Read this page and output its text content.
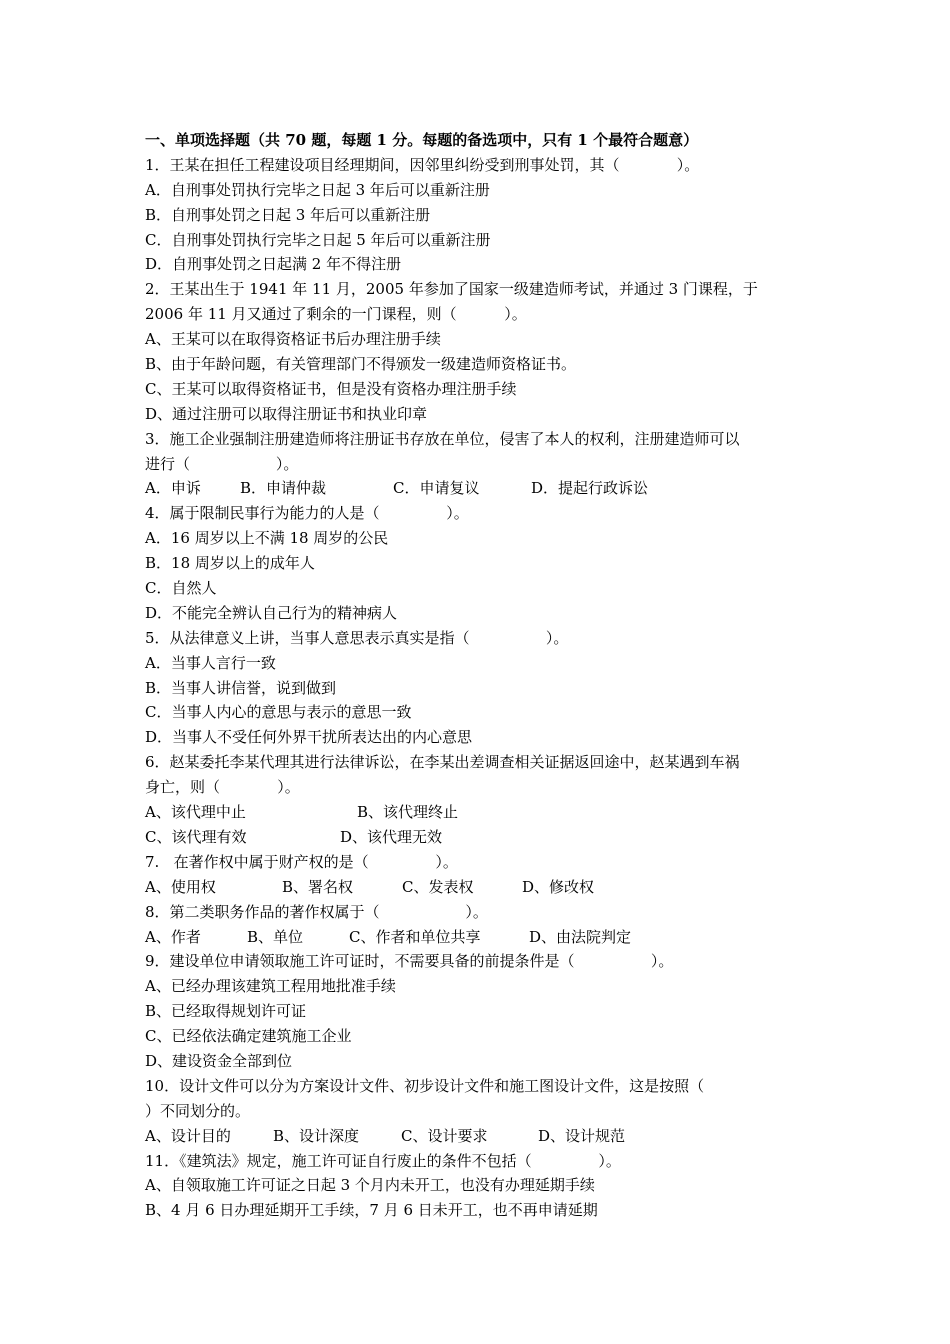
一、单项选择题（共 70 题，每题 1 分。每题的备选项中，只有 1 个最符合题意）
1．王某在担任工程建设项目经理期间，因邻里纠纷受到刑事处罚，其（            ）。
A．自刑事处罚执行完毕之日起 3 年后可以重新注册
B．自刑事处罚之日起 3 年后可以重新注册
C．自刑事处罚执行完毕之日起 5 年后可以重新注册
D．自刑事处罚之日起满 2 年不得注册
2．王某出生于 1941 年 11 月，2005 年参加了国家一级建造师考试，并通过 3 门课程，于
2006 年 11 月又通过了剩余的一门课程，则（          ）。
A、王某可以在取得资格证书后办理注册手续
B、由于年龄问题，有关管理部门不得颁发一级建造师资格证书。
C、王某可以取得资格证书，但是没有资格办理注册手续
D、通过注册可以取得注册证书和执业印章
3．施工企业强制注册建造师将注册证书存放在单位，侵害了本人的权利，注册建造师可以
进行（                  ）。
A．申诉	B．申请仲裁	C．申请复议	D．提起行政诉讼
4．属于限制民事行为能力的人是（              ）。
A．16 周岁以上不满 18 周岁的公民
B．18 周岁以上的成年人
C．自然人
D．不能完全辨认自己行为的精神病人
5．从法律意义上讲，当事人意思表示真实是指（                ）。
A．当事人言行一致
B．当事人讲信誉，说到做到
C．当事人内心的意思与表示的意思一致
D．当事人不受任何外界干扰所表达出的内心意思
6．赵某委托李某代理其进行法律诉讼，在李某出差调查相关证据返回途中，赵某遇到车祸
身亡，则（            ）。
A、该代理中止	B、该代理终止
C、该代理有效	D、该代理无效
7.   在著作权中属于财产权的是（              ）。
A、使用权	B、署名权	C、发表权	D、修改权
8．第二类职务作品的著作权属于（                  ）。
A、作者	B、单位	C、作者和单位共享	D、由法院判定
9．建设单位申请领取施工许可证时，不需要具备的前提条件是（                ）。
A、已经办理该建筑工程用地批准手续
B、已经取得规划许可证
C、已经依法确定建筑施工企业
D、建设资金全部到位
10．设计文件可以分为方案设计文件、初步设计文件和施工图设计文件，这是按照（
）不同划分的。
A、设计目的	B、设计深度	C、设计要求	D、设计规范
11．《建筑法》规定，施工许可证自行废止的条件不包括（              ）。
A、自领取施工许可证之日起 3 个月内未开工，也没有办理延期手续
B、4 月 6 日办理延期开工手续，7 月 6 日未开工，也不再申请延期
